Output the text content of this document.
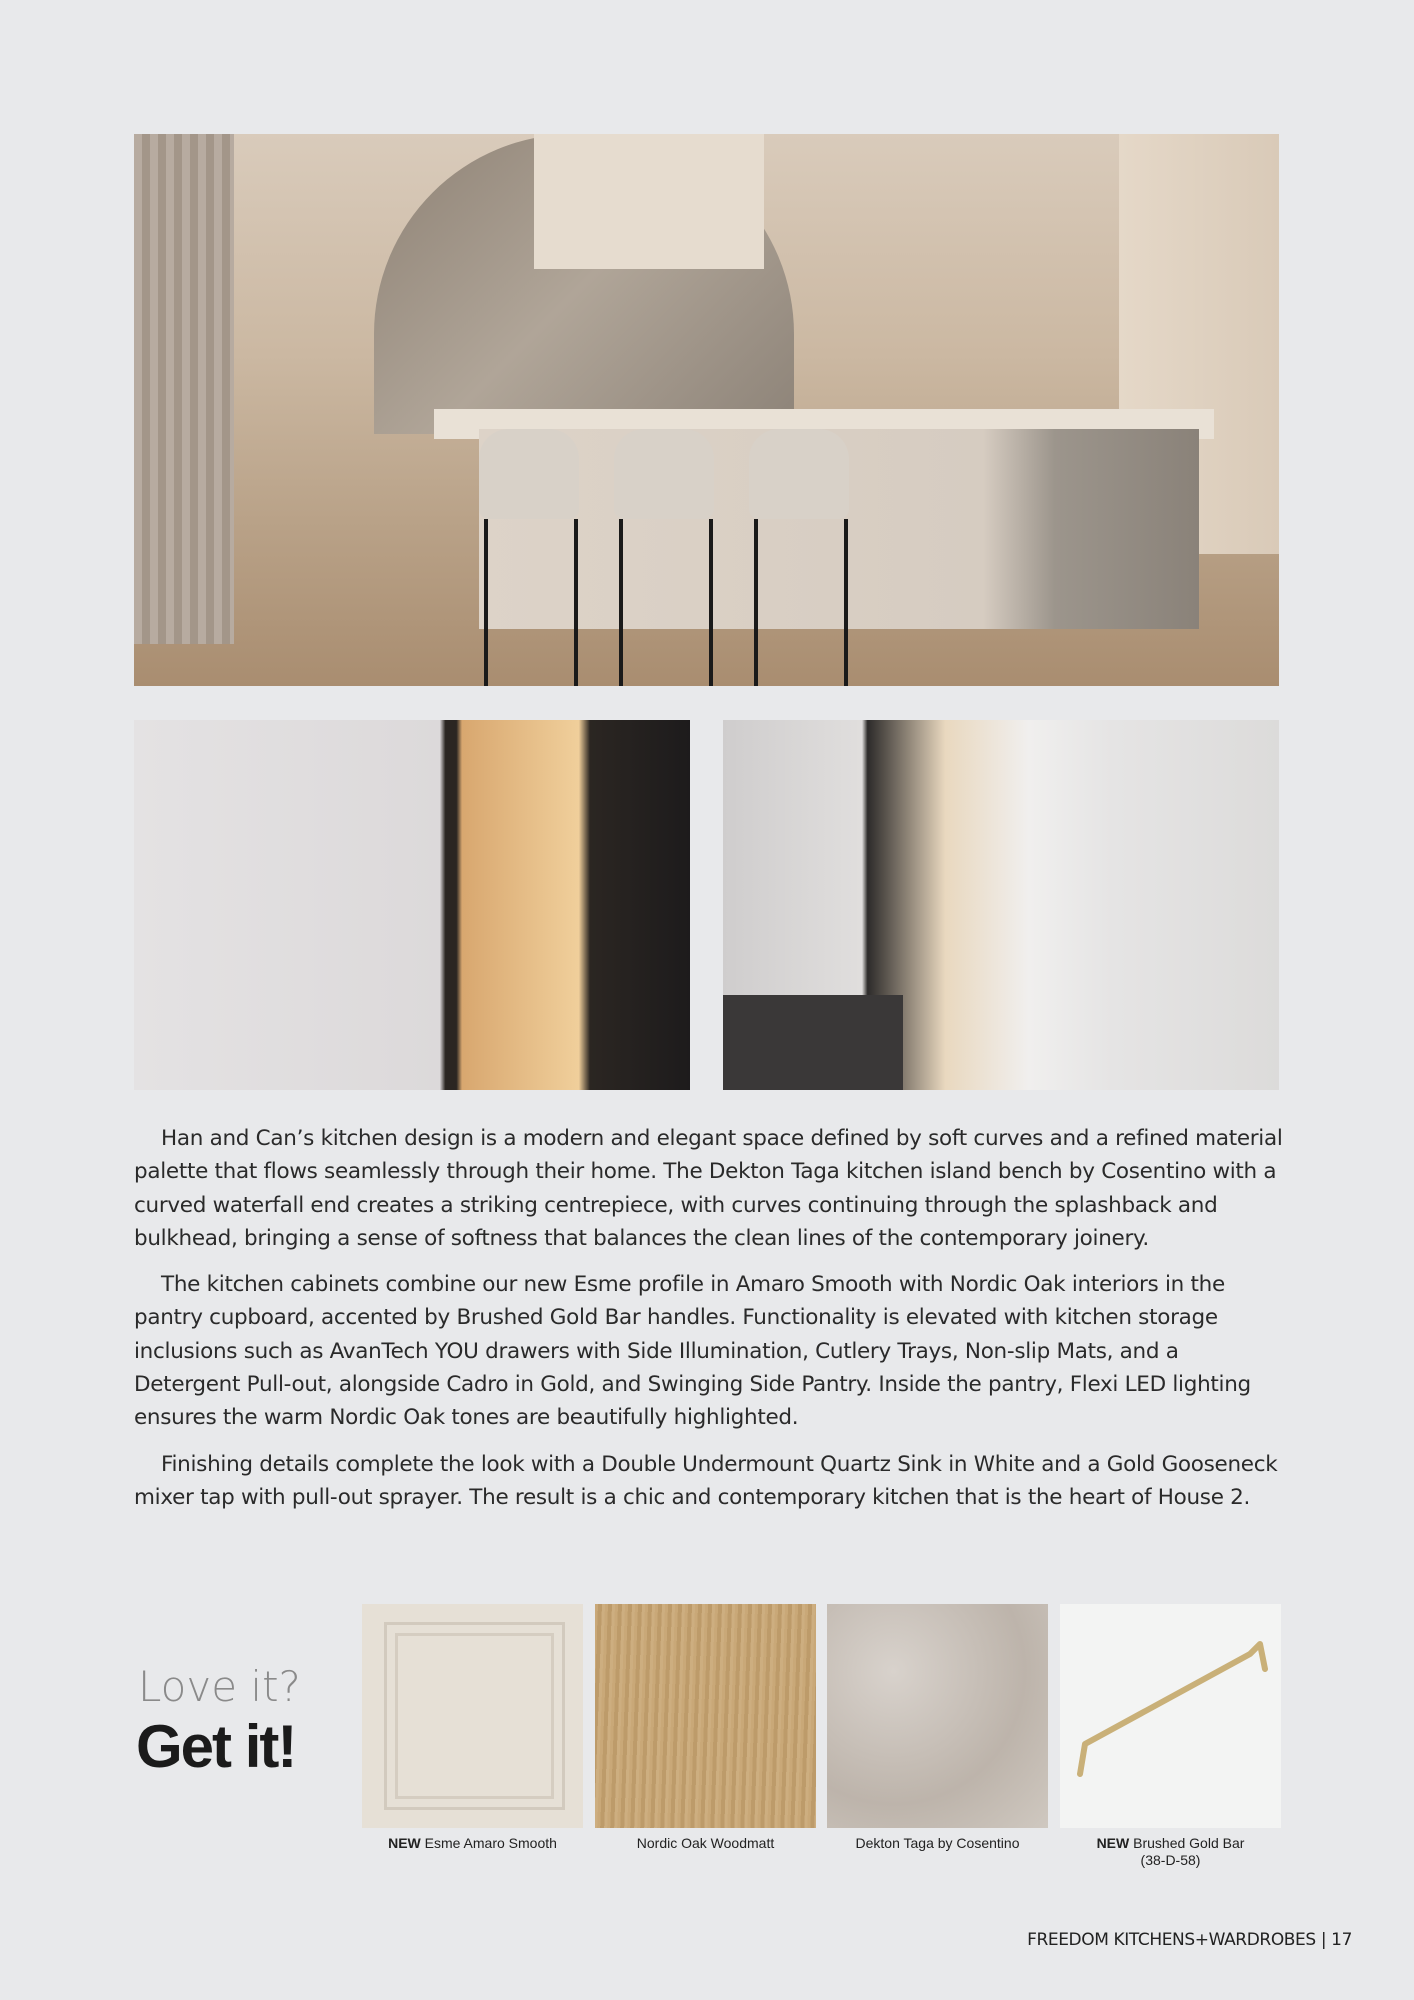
Han and Can’s kitchen design is a modern and elegant space defined by soft curves and a refined material palette that flows seamlessly through their home. The Dekton Taga kitchen island bench by Cosentino with a curved waterfall end creates a striking centrepiece, with curves continuing through the splashback and bulkhead, bringing a sense of softness that balances the clean lines of the contemporary joinery.

The kitchen cabinets combine our new Esme profile in Amaro Smooth with Nordic Oak interiors in the pantry cupboard, accented by Brushed Gold Bar handles. Functionality is elevated with kitchen storage inclusions such as AvanTech YOU drawers with Side Illumination, Cutlery Trays, Non-slip Mats, and a Detergent Pull-out, alongside Cadro in Gold, and Swinging Side Pantry. Inside the pantry, Flexi LED lighting ensures the warm Nordic Oak tones are beautifully highlighted.

Finishing details complete the look with a Double Undermount Quartz Sink in White and a Gold Gooseneck mixer tap with pull-out sprayer. The result is a chic and contemporary kitchen that is the heart of House 2.

Love it?
Get it!
NEW Esme Amaro Smooth	Nordic Oak Woodmatt	Dekton Taga by Cosentino	NEW Brushed Gold Bar
(38-D-58)
FREEDOM KITCHENS+WARDROBES | 17
